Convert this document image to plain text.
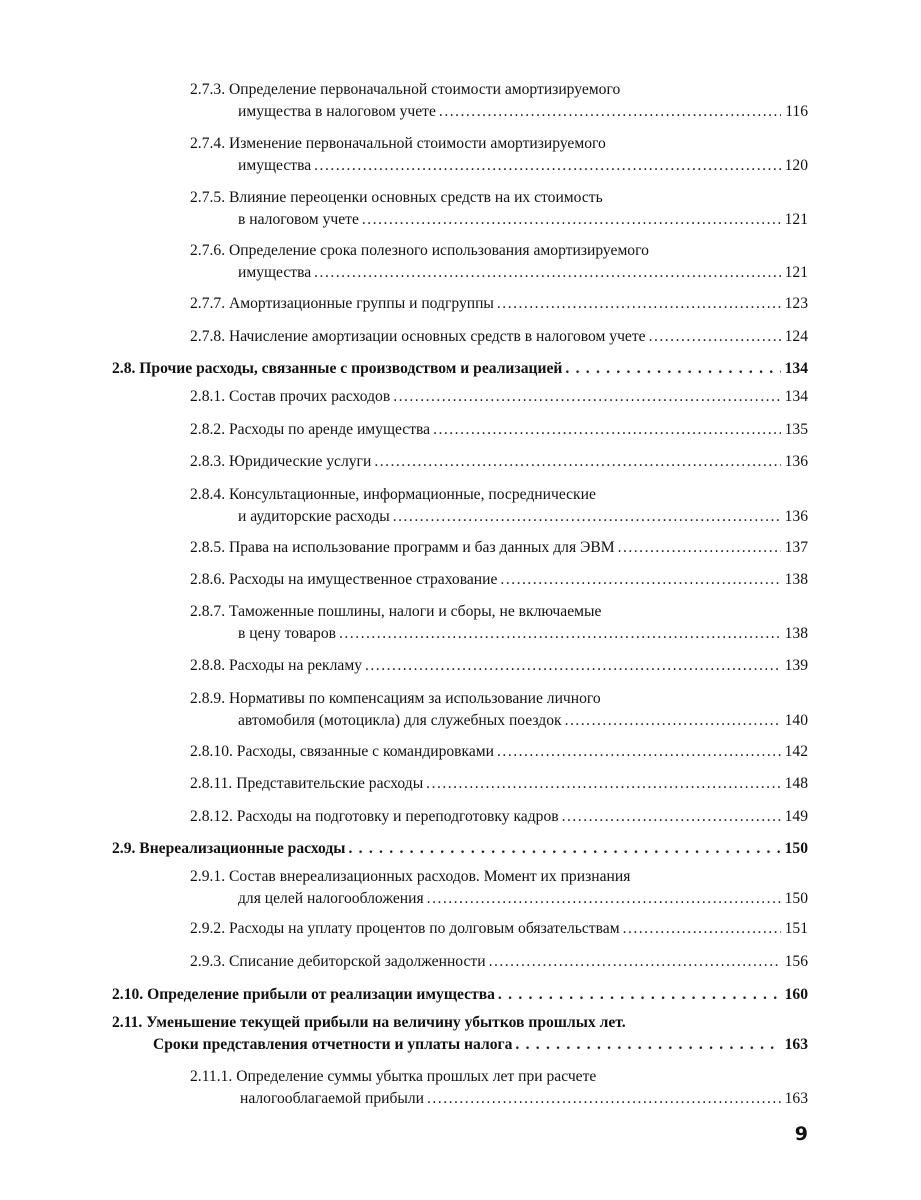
2.7.3. Определение первоначальной стоимости амортизируемого
имущества в налоговом учете . . .	116
2.7.4. Изменение первоначальной стоимости амортизируемого
имущества . . .	120
2.7.5. Влияние переоценки основных средств на их стоимость
в налоговом учете . . .	121
2.7.6. Определение срока полезного использования амортизируемого
имущества . . .	121
2.7.7. Амортизационные группы и подгруппы . . .	123
2.7.8. Начисление амортизации основных средств в налоговом учете . . .	124
2.8. Прочие расходы, связанные с производством и реализацией . . .	134
2.8.1. Состав прочих расходов . . .	134
2.8.2. Расходы по аренде имущества . . .	135
2.8.3. Юридические услуги . . .	136
2.8.4. Консультационные, информационные, посреднические
и аудиторские расходы . . .	136
2.8.5. Права на использование программ и баз данных для ЭВМ . . .	137
2.8.6. Расходы на имущественное страхование . . .	138
2.8.7. Таможенные пошлины, налоги и сборы, не включаемые
в цену товаров . . .	138
2.8.8. Расходы на рекламу . . .	139
2.8.9. Нормативы по компенсациям за использование личного
автомобиля (мотоцикла) для служебных поездок . . .	140
2.8.10. Расходы, связанные с командировками . . .	142
2.8.11. Представительские расходы . . .	148
2.8.12. Расходы на подготовку и переподготовку кадров . . .	149
2.9. Внереализационные расходы . . .	150
2.9.1. Состав внереализационных расходов. Момент их признания
для целей налогообложения . . .	150
2.9.2. Расходы на уплату процентов по долговым обязательствам . . .	151
2.9.3. Списание дебиторской задолженности . . .	156
2.10. Определение прибыли от реализации имущества . . .	160
2.11. Уменьшение текущей прибыли на величину убытков прошлых лет.
Сроки представления отчетности и уплаты налога . . .	163
2.11.1. Определение суммы убытка прошлых лет при расчете
налогооблагаемой прибыли . . .	163
9
